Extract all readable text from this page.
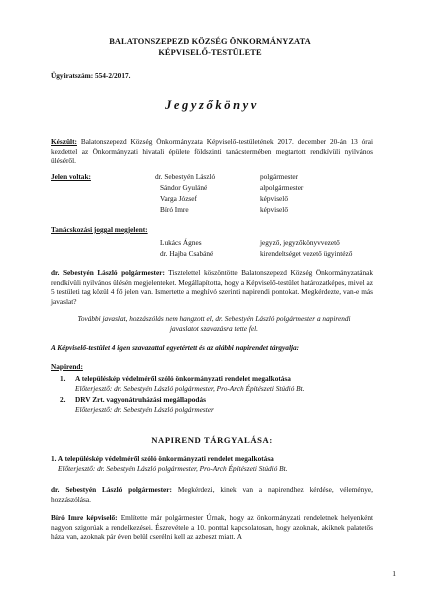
BALATONSZEPEZD KÖZSÉG ÖNKORMÁNYZATA
KÉPVISELŐ-TESTÜLETE
Ügyiratszám: 554-2/2017.
Jegyzőkönyv
Készült: Balatonszepezd Község Önkormányzata Képviselő-testületének 2017. december 20-án 13 órai kezdettel az Önkormányzati hivatali épülete földszinti tanácstermében megtartott rendkívüli nyilvános üléséről.
Jelen voltak:	dr. Sebestyén László	polgármester
Sándor Gyuláné	alpolgármester
Varga József	képviselő
Bíró Imre	képviselő
Tanácskozási joggal megjelent:
Lukács Ágnes	jegyző, jegyzőkönyvvezető
dr. Hajba Csabáné	kirendeltséget vezető ügyintéző
dr. Sebestyén László polgármester: Tisztelettel köszöntötte Balatonszepezd Község Önkormányzatának rendkívüli nyilvános ülésén megjelenteket. Megállapította, hogy a Képviselő-testület határozatképes, mivel az 5 testületi tag közül 4 fő jelen van. Ismertette a meghívó szerinti napirendi pontokat. Megkérdezte, van-e más javaslat?
További javaslat, hozzászólás nem hangzott el, dr. Sebestyén László polgármester a napirendi javaslatot szavazásra tette fel.
A Képviselő-testület 4 igen szavazattal egyetértett és az alábbi napirendet tárgyalja:
Napirend:
1. A településkép védelméről szóló önkormányzati rendelet megalkotása
Előterjesztő: dr. Sebestyén László polgármester, Pro-Arch Építészeti Stúdió Bt.
2. DRV Zrt. vagyonátruházási megállapodás
Előterjesztő: dr. Sebestyén László polgármester
NAPIREND TÁRGYALÁSA:
1. A településkép védelméről szóló önkormányzati rendelet megalkotása
Előterjesztő: dr. Sebestyén László polgármester, Pro-Arch Építészeti Stúdió Bt.
dr. Sebestyén László polgármester: Megkérdezi, kinek van a napirendhez kérdése, véleménye, hozzászólása.
Bíró Imre képviselő: Említette már polgármester Úrnak, hogy az önkormányzati rendeletnek helyenként nagyon szigorúak a rendelkezései. Észrevétele a 10. ponttal kapcsolatosan, hogy azoknak, akiknek palatetős háza van, azoknak pár éven belül cserélni kell az azbeszt miatt. A
1
